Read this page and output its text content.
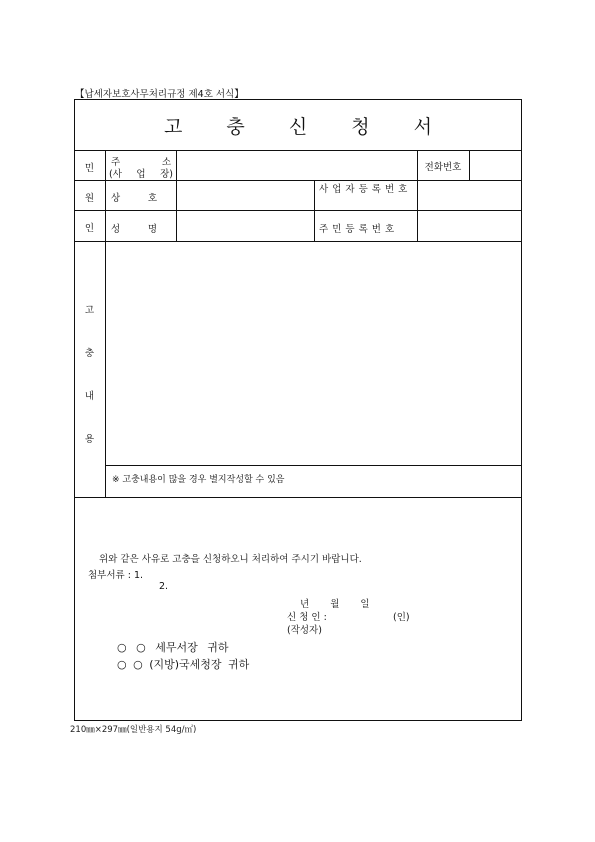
【납세자보호사무처리규정 제4호 서식】
고 충 신 청 서
민
원
인
주 소
(사 업 장)
전화번호
상 호
사 업 자 등 록 번 호
성 명	주 민 등 록 번 호
고
충
내
용
※ 고충내용이 많을 경우 별지작성할 수 있음
위와 같은 사유로 고충을 신청하오니 처리하여 주시기 바랍니다.
첨부서류 : 1.
2.
년 월 일
신 청 인 :	(인)
(작성자)
○ ○ 세무서장 귀하
○ ○ (지방)국세청장 귀하
210㎜×297㎜(일반용지 54g/㎡)
